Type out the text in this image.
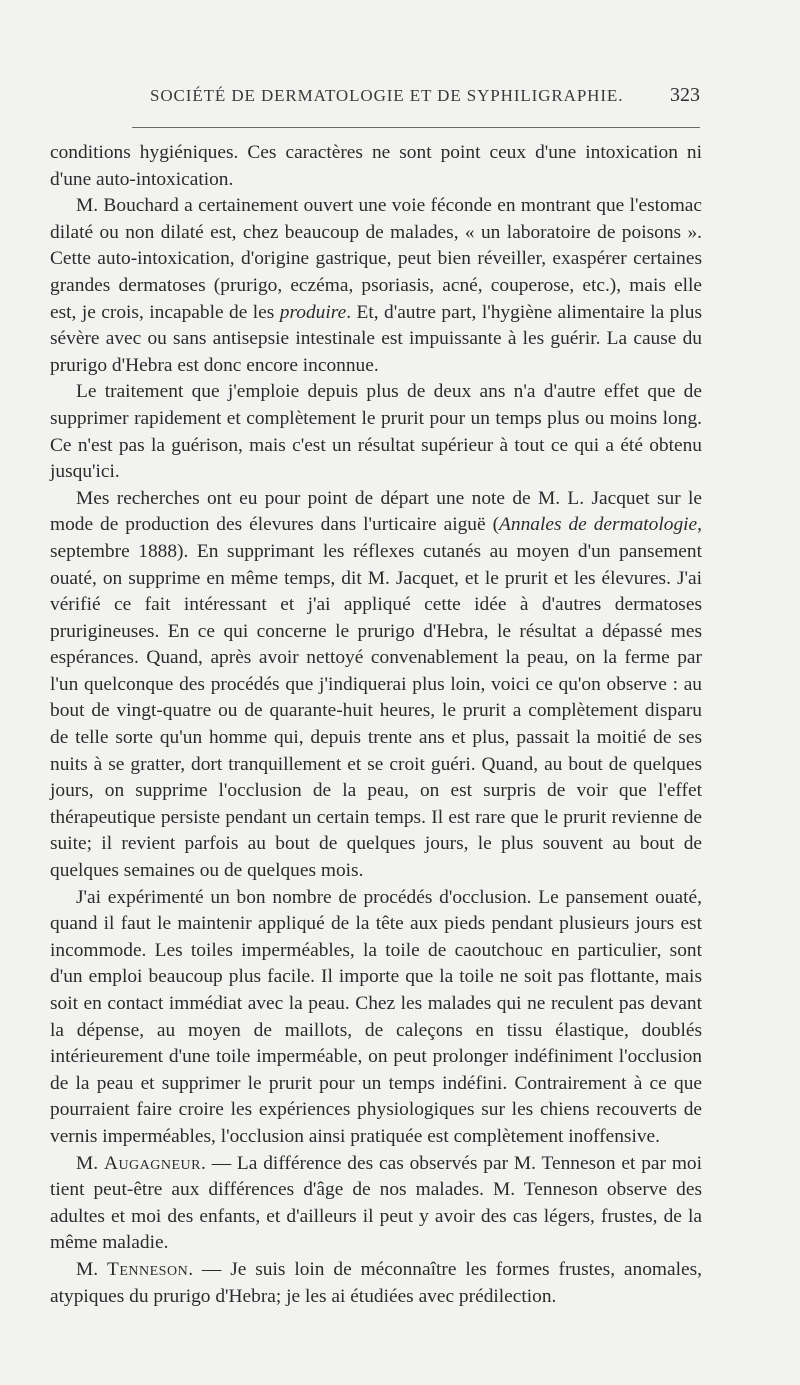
SOCIÉTÉ DE DERMATOLOGIE ET DE SYPHILIGRAPHIE. 323

conditions hygiéniques. Ces caractères ne sont point ceux d'une intoxication ni d'une auto-intoxication.

M. Bouchard a certainement ouvert une voie féconde en montrant que l'estomac dilaté ou non dilaté est, chez beaucoup de malades, « un laboratoire de poisons ». Cette auto-intoxication, d'origine gastrique, peut bien réveiller, exaspérer certaines grandes dermatoses (prurigo, eczéma, psoriasis, acné, couperose, etc.), mais elle est, je crois, incapable de les produire. Et, d'autre part, l'hygiène alimentaire la plus sévère avec ou sans antisepsie intestinale est impuissante à les guérir. La cause du prurigo d'Hebra est donc encore inconnue.

Le traitement que j'emploie depuis plus de deux ans n'a d'autre effet que de supprimer rapidement et complètement le prurit pour un temps plus ou moins long. Ce n'est pas la guérison, mais c'est un résultat supérieur à tout ce qui a été obtenu jusqu'ici.

Mes recherches ont eu pour point de départ une note de M. L. Jacquet sur le mode de production des élevures dans l'urticaire aiguë (Annales de dermatologie, septembre 1888). En supprimant les réflexes cutanés au moyen d'un pansement ouaté, on supprime en même temps, dit M. Jacquet, et le prurit et les élevures. J'ai vérifié ce fait intéressant et j'ai appliqué cette idée à d'autres dermatoses prurigineuses. En ce qui concerne le prurigo d'Hebra, le résultat a dépassé mes espérances. Quand, après avoir nettoyé convenablement la peau, on la ferme par l'un quelconque des procédés que j'indiquerai plus loin, voici ce qu'on observe : au bout de vingt-quatre ou de quarante-huit heures, le prurit a complètement disparu de telle sorte qu'un homme qui, depuis trente ans et plus, passait la moitié de ses nuits à se gratter, dort tranquillement et se croit guéri. Quand, au bout de quelques jours, on supprime l'occlusion de la peau, on est surpris de voir que l'effet thérapeutique persiste pendant un certain temps. Il est rare que le prurit revienne de suite; il revient parfois au bout de quelques jours, le plus souvent au bout de quelques semaines ou de quelques mois.

J'ai expérimenté un bon nombre de procédés d'occlusion. Le pansement ouaté, quand il faut le maintenir appliqué de la tête aux pieds pendant plusieurs jours est incommode. Les toiles imperméables, la toile de caoutchouc en particulier, sont d'un emploi beaucoup plus facile. Il importe que la toile ne soit pas flottante, mais soit en contact immédiat avec la peau. Chez les malades qui ne reculent pas devant la dépense, au moyen de maillots, de caleçons en tissu élastique, doublés intérieurement d'une toile imperméable, on peut prolonger indéfiniment l'occlusion de la peau et supprimer le prurit pour un temps indéfini. Contrairement à ce que pourraient faire croire les expériences physiologiques sur les chiens recouverts de vernis imperméables, l'occlusion ainsi pratiquée est complètement inoffensive.

M. Augagneur. — La différence des cas observés par M. Tenneson et par moi tient peut-être aux différences d'âge de nos malades. M. Tenneson observe des adultes et moi des enfants, et d'ailleurs il peut y avoir des cas légers, frustes, de la même maladie.

M. Tenneson. — Je suis loin de méconnaître les formes frustes, anomales, atypiques du prurigo d'Hebra; je les ai étudiées avec prédilection.
